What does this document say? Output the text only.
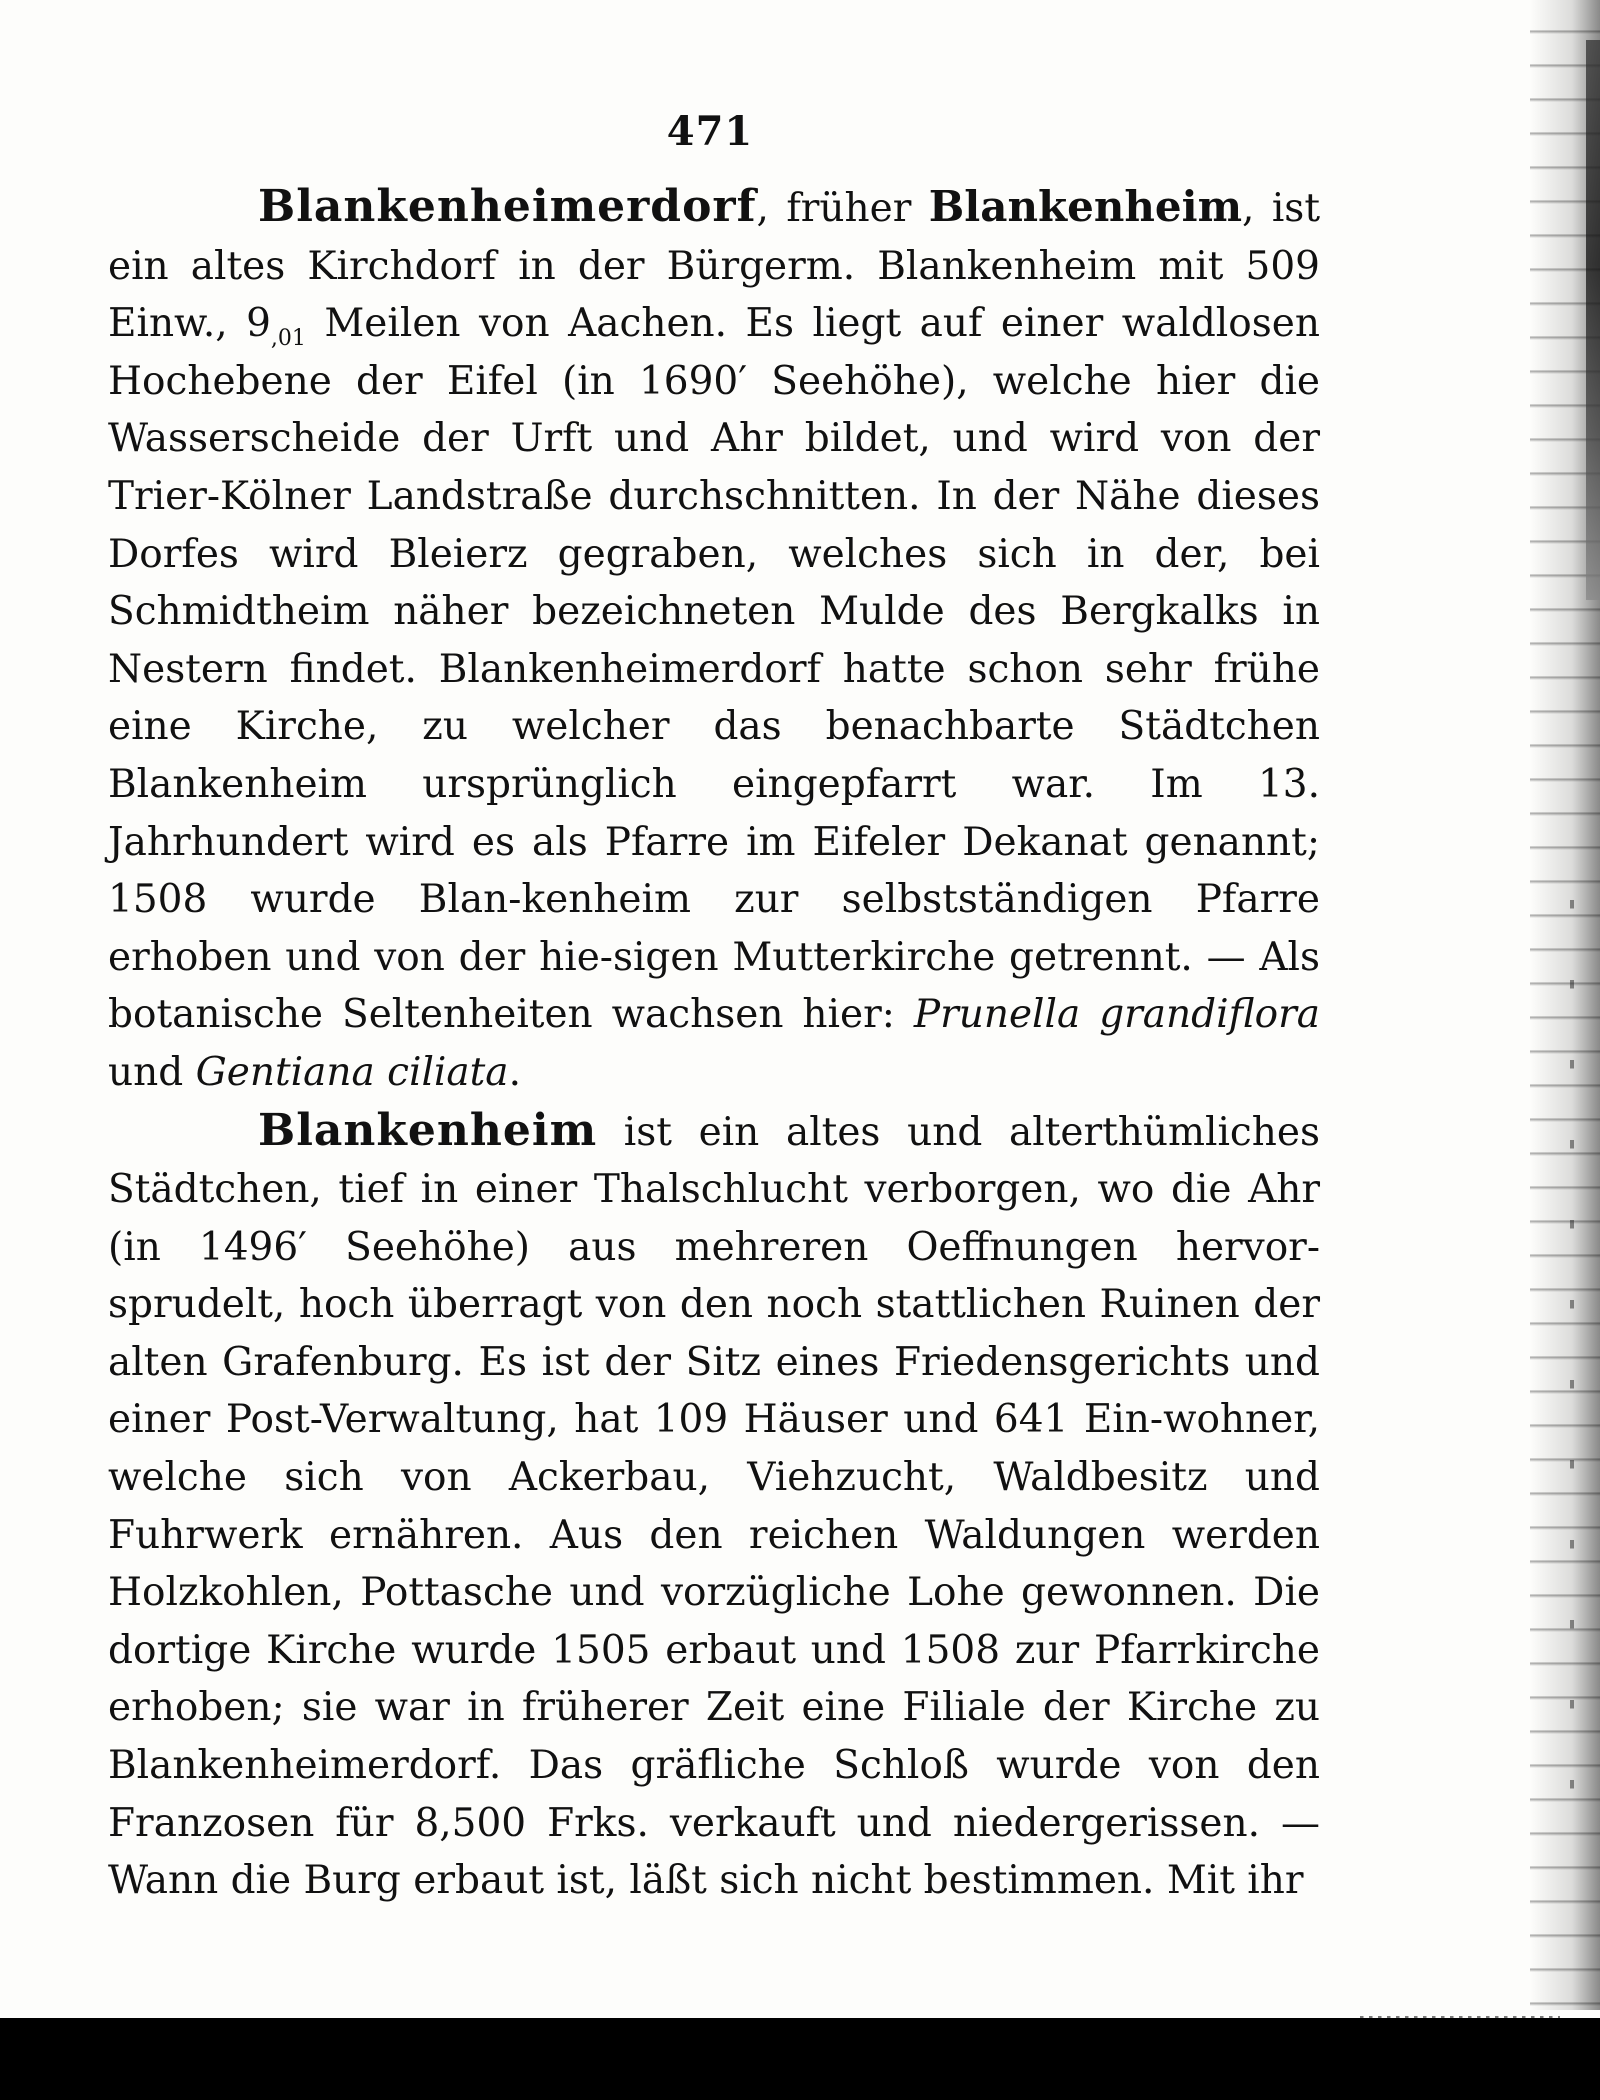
471

Blankenheimerdorf, früher Blankenheim, ist ein altes Kirchdorf in der Bürgerm. Blankenheim mit 509 Einw., $9_{,01}$ Meilen von Aachen. Es liegt auf einer waldlosen Hochebene der Eifel (in 1690′ Seehöhe), welche hier die Wasserscheide der Urft und Ahr bildet, und wird von der Trier-Kölner Landstraße durchschnitten. In der Nähe dieses Dorfes wird Bleierz gegraben, welches sich in der, bei Schmidtheim näher bezeichneten Mulde des Bergkalks in Nestern findet. Blankenheimerdorf hatte schon sehr frühe eine Kirche, zu welcher das benachbarte Städtchen Blankenheim ursprünglich eingepfarrt war. Im 13. Jahrhundert wird es als Pfarre im Eifeler Dekanat genannt; 1508 wurde Blan-kenheim zur selbstständigen Pfarre erhoben und von der hie-sigen Mutterkirche getrennt. — Als botanische Seltenheiten wachsen hier: Prunella grandiflora und Gentiana ciliata.

Blankenheim ist ein altes und alterthümliches Städtchen, tief in einer Thalschlucht verborgen, wo die Ahr (in 1496′ Seehöhe) aus mehreren Oeffnungen hervor-sprudelt, hoch überragt von den noch stattlichen Ruinen der alten Grafenburg. Es ist der Sitz eines Friedensgerichts und einer Post-Verwaltung, hat 109 Häuser und 641 Ein-wohner, welche sich von Ackerbau, Viehzucht, Waldbesitz und Fuhrwerk ernähren. Aus den reichen Waldungen werden Holzkohlen, Pottasche und vorzügliche Lohe gewonnen. Die dortige Kirche wurde 1505 erbaut und 1508 zur Pfarrkirche erhoben; sie war in früherer Zeit eine Filiale der Kirche zu Blankenheimerdorf. Das gräfliche Schloß wurde von den Franzosen für 8,500 Frks. verkauft und niedergerissen. — Wann die Burg erbaut ist, läßt sich nicht bestimmen. Mit ihr
